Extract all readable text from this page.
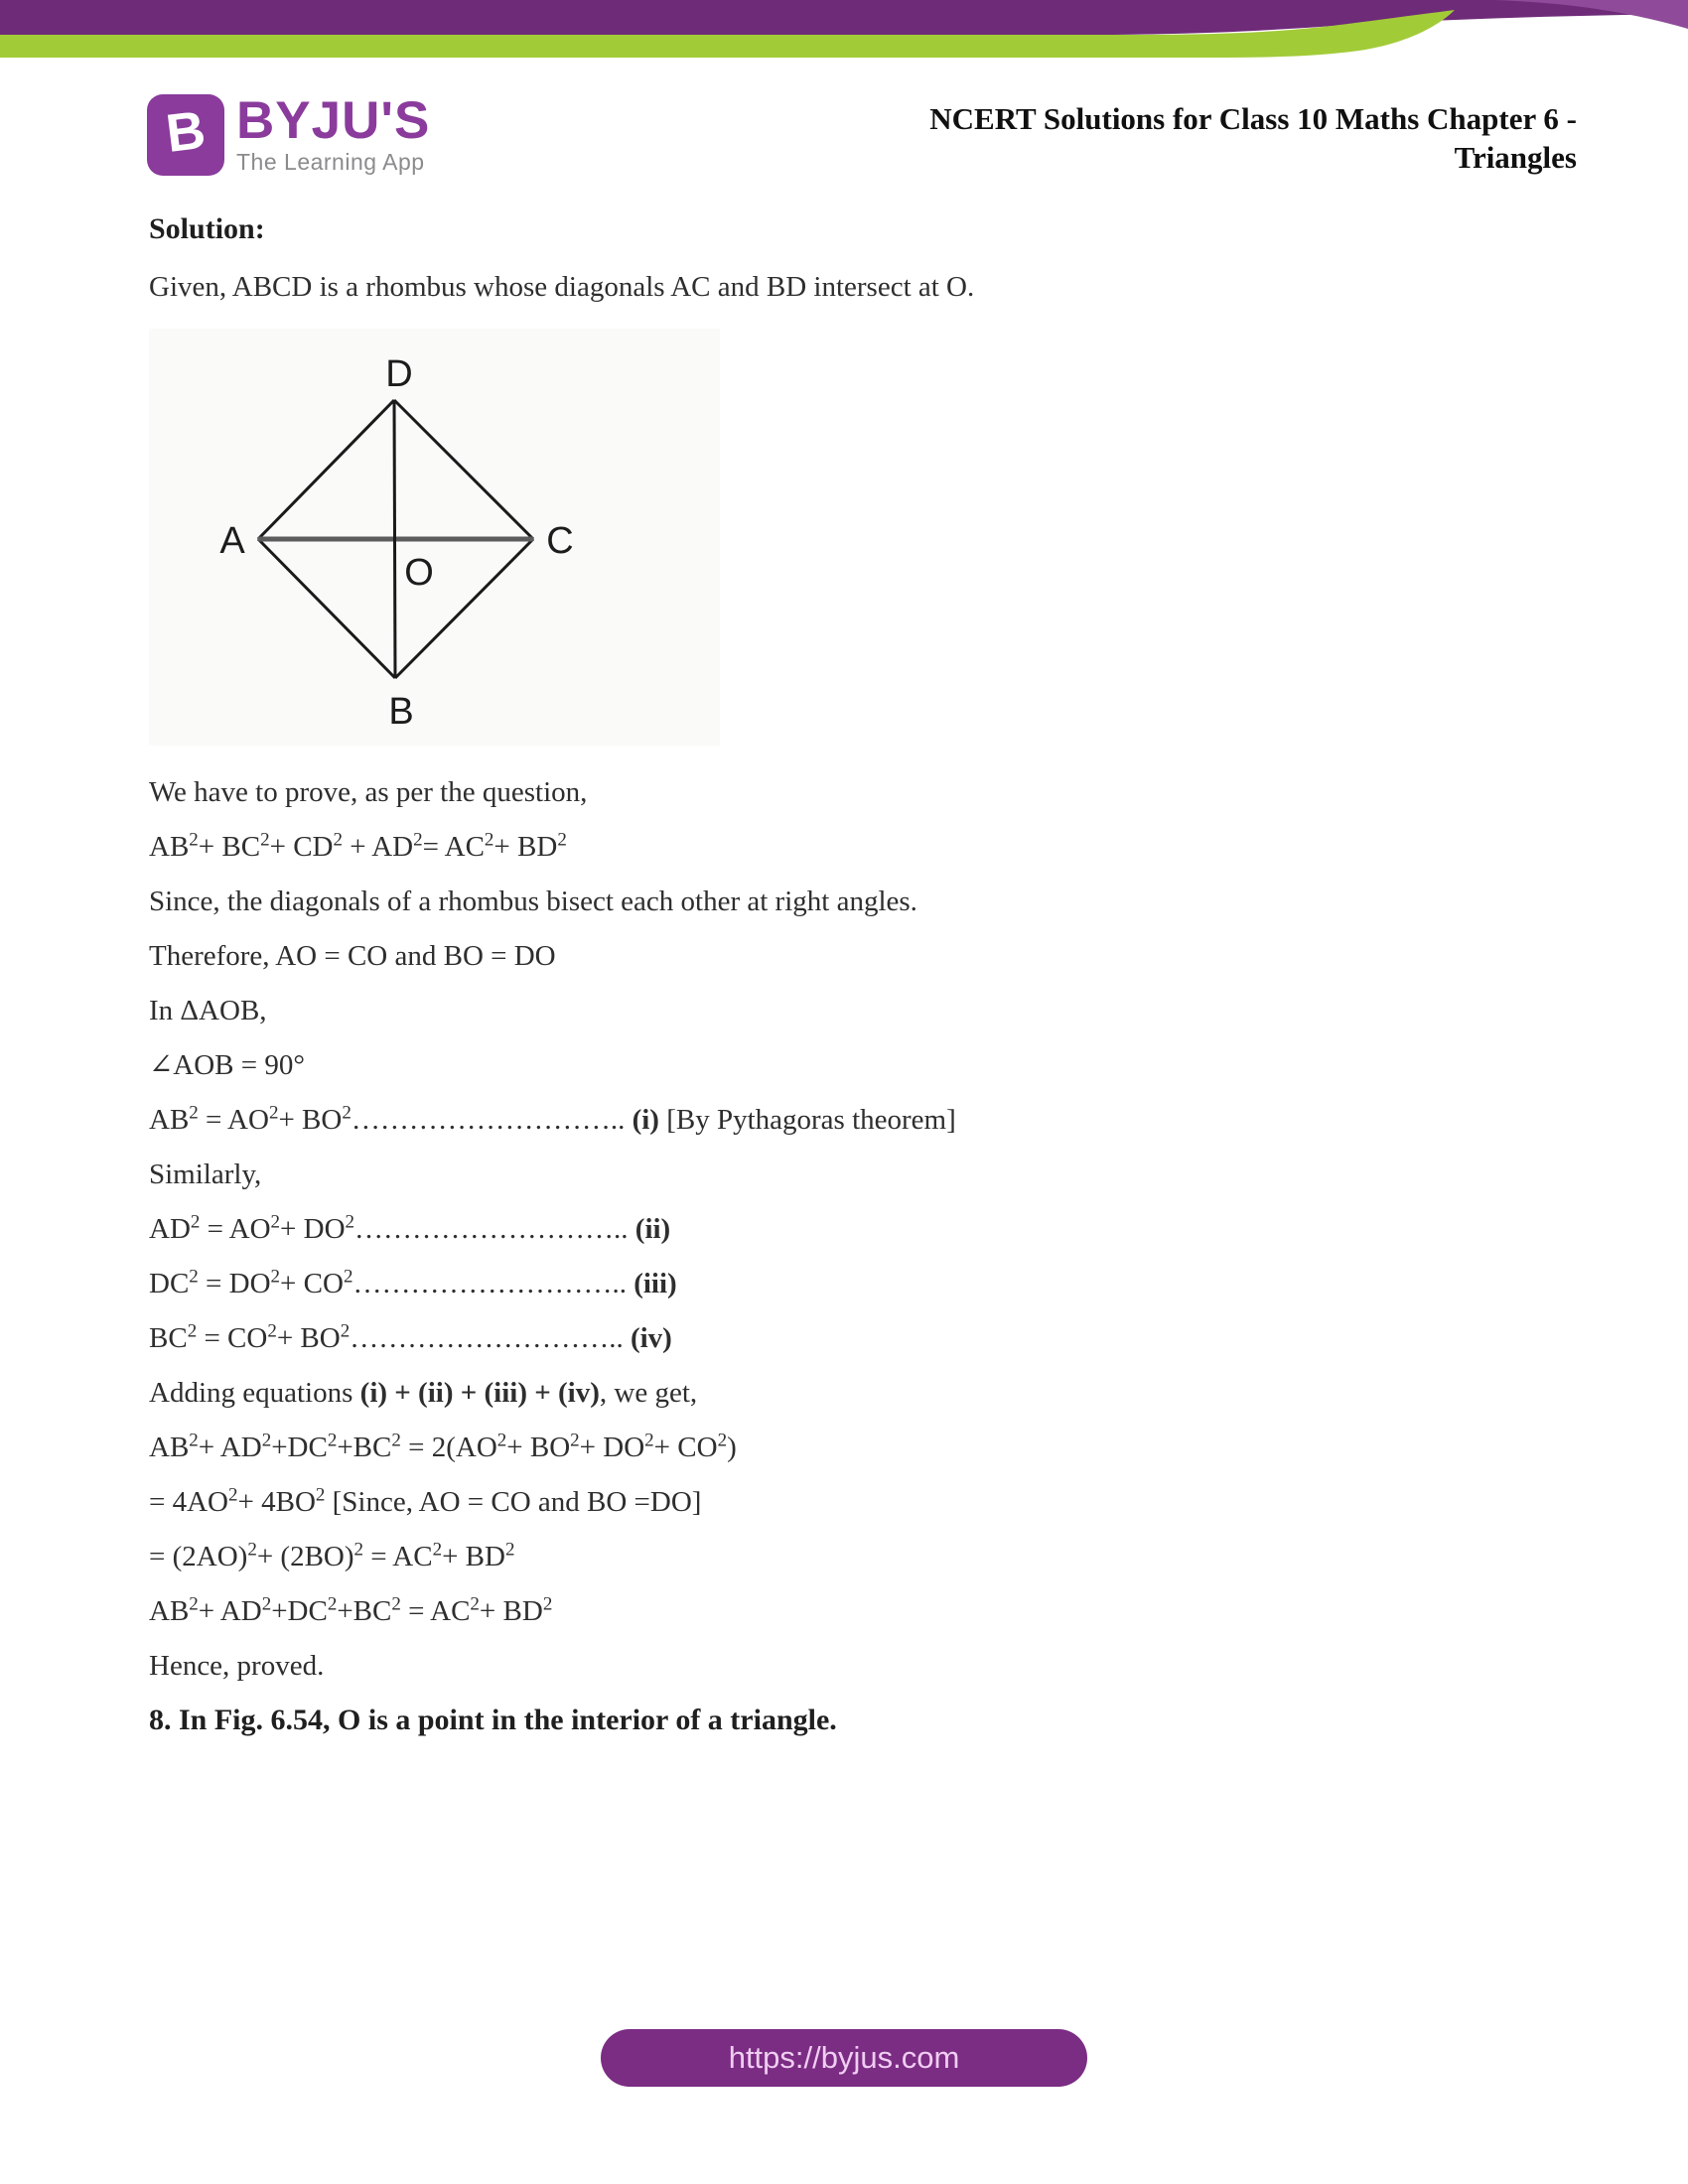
B BYJU'S
The Learning App
NCERT Solutions for Class 10 Maths Chapter 6 -
Triangles

Solution:

Given, ABCD is a rhombus whose diagonals AC and BD intersect at O.

D
A	C
B
O

We have to prove, as per the question,

$AB^2+ BC^2+ CD^2 + AD^2= AC^2+ BD^2$

Since, the diagonals of a rhombus bisect each other at right angles.

Therefore, AO = CO and BO = DO

In ΔAOB,

∠AOB = 90°

$AB^2 = AO^2+$ $BO^2\dots\dots\dots\dots\dots\dots\dots\dots\dots$.. (i) [By Pythagoras theorem]

Similarly,

$AD^2 = AO^2+$ $DO^2\dots\dots\dots\dots\dots\dots\dots\dots\dots$.. (ii)

$DC^2 = DO^2+$ $CO^2\dots\dots\dots\dots\dots\dots\dots\dots\dots$.. (iii)

$BC^2 = CO^2+$ $BO^2\dots\dots\dots\dots\dots\dots\dots\dots\dots$.. (iv)

Adding equations (i) + (ii) + (iii) + (iv), we get,

$AB^2+ AD^2+DC^2+BC^2 = 2(AO^2+ BO^2+ DO^2+ CO^2)$

= $4AO^2+ 4BO^2$ [Since, AO = CO and BO =DO]

= $(2AO)^2+ (2BO)^2 = AC^2+ BD^2$

$AB^2+ AD^2+DC^2+BC^2 = AC^2+ BD^2$

Hence, proved.

8. In Fig. 6.54, O is a point in the interior of a triangle.

https://byjus.com
